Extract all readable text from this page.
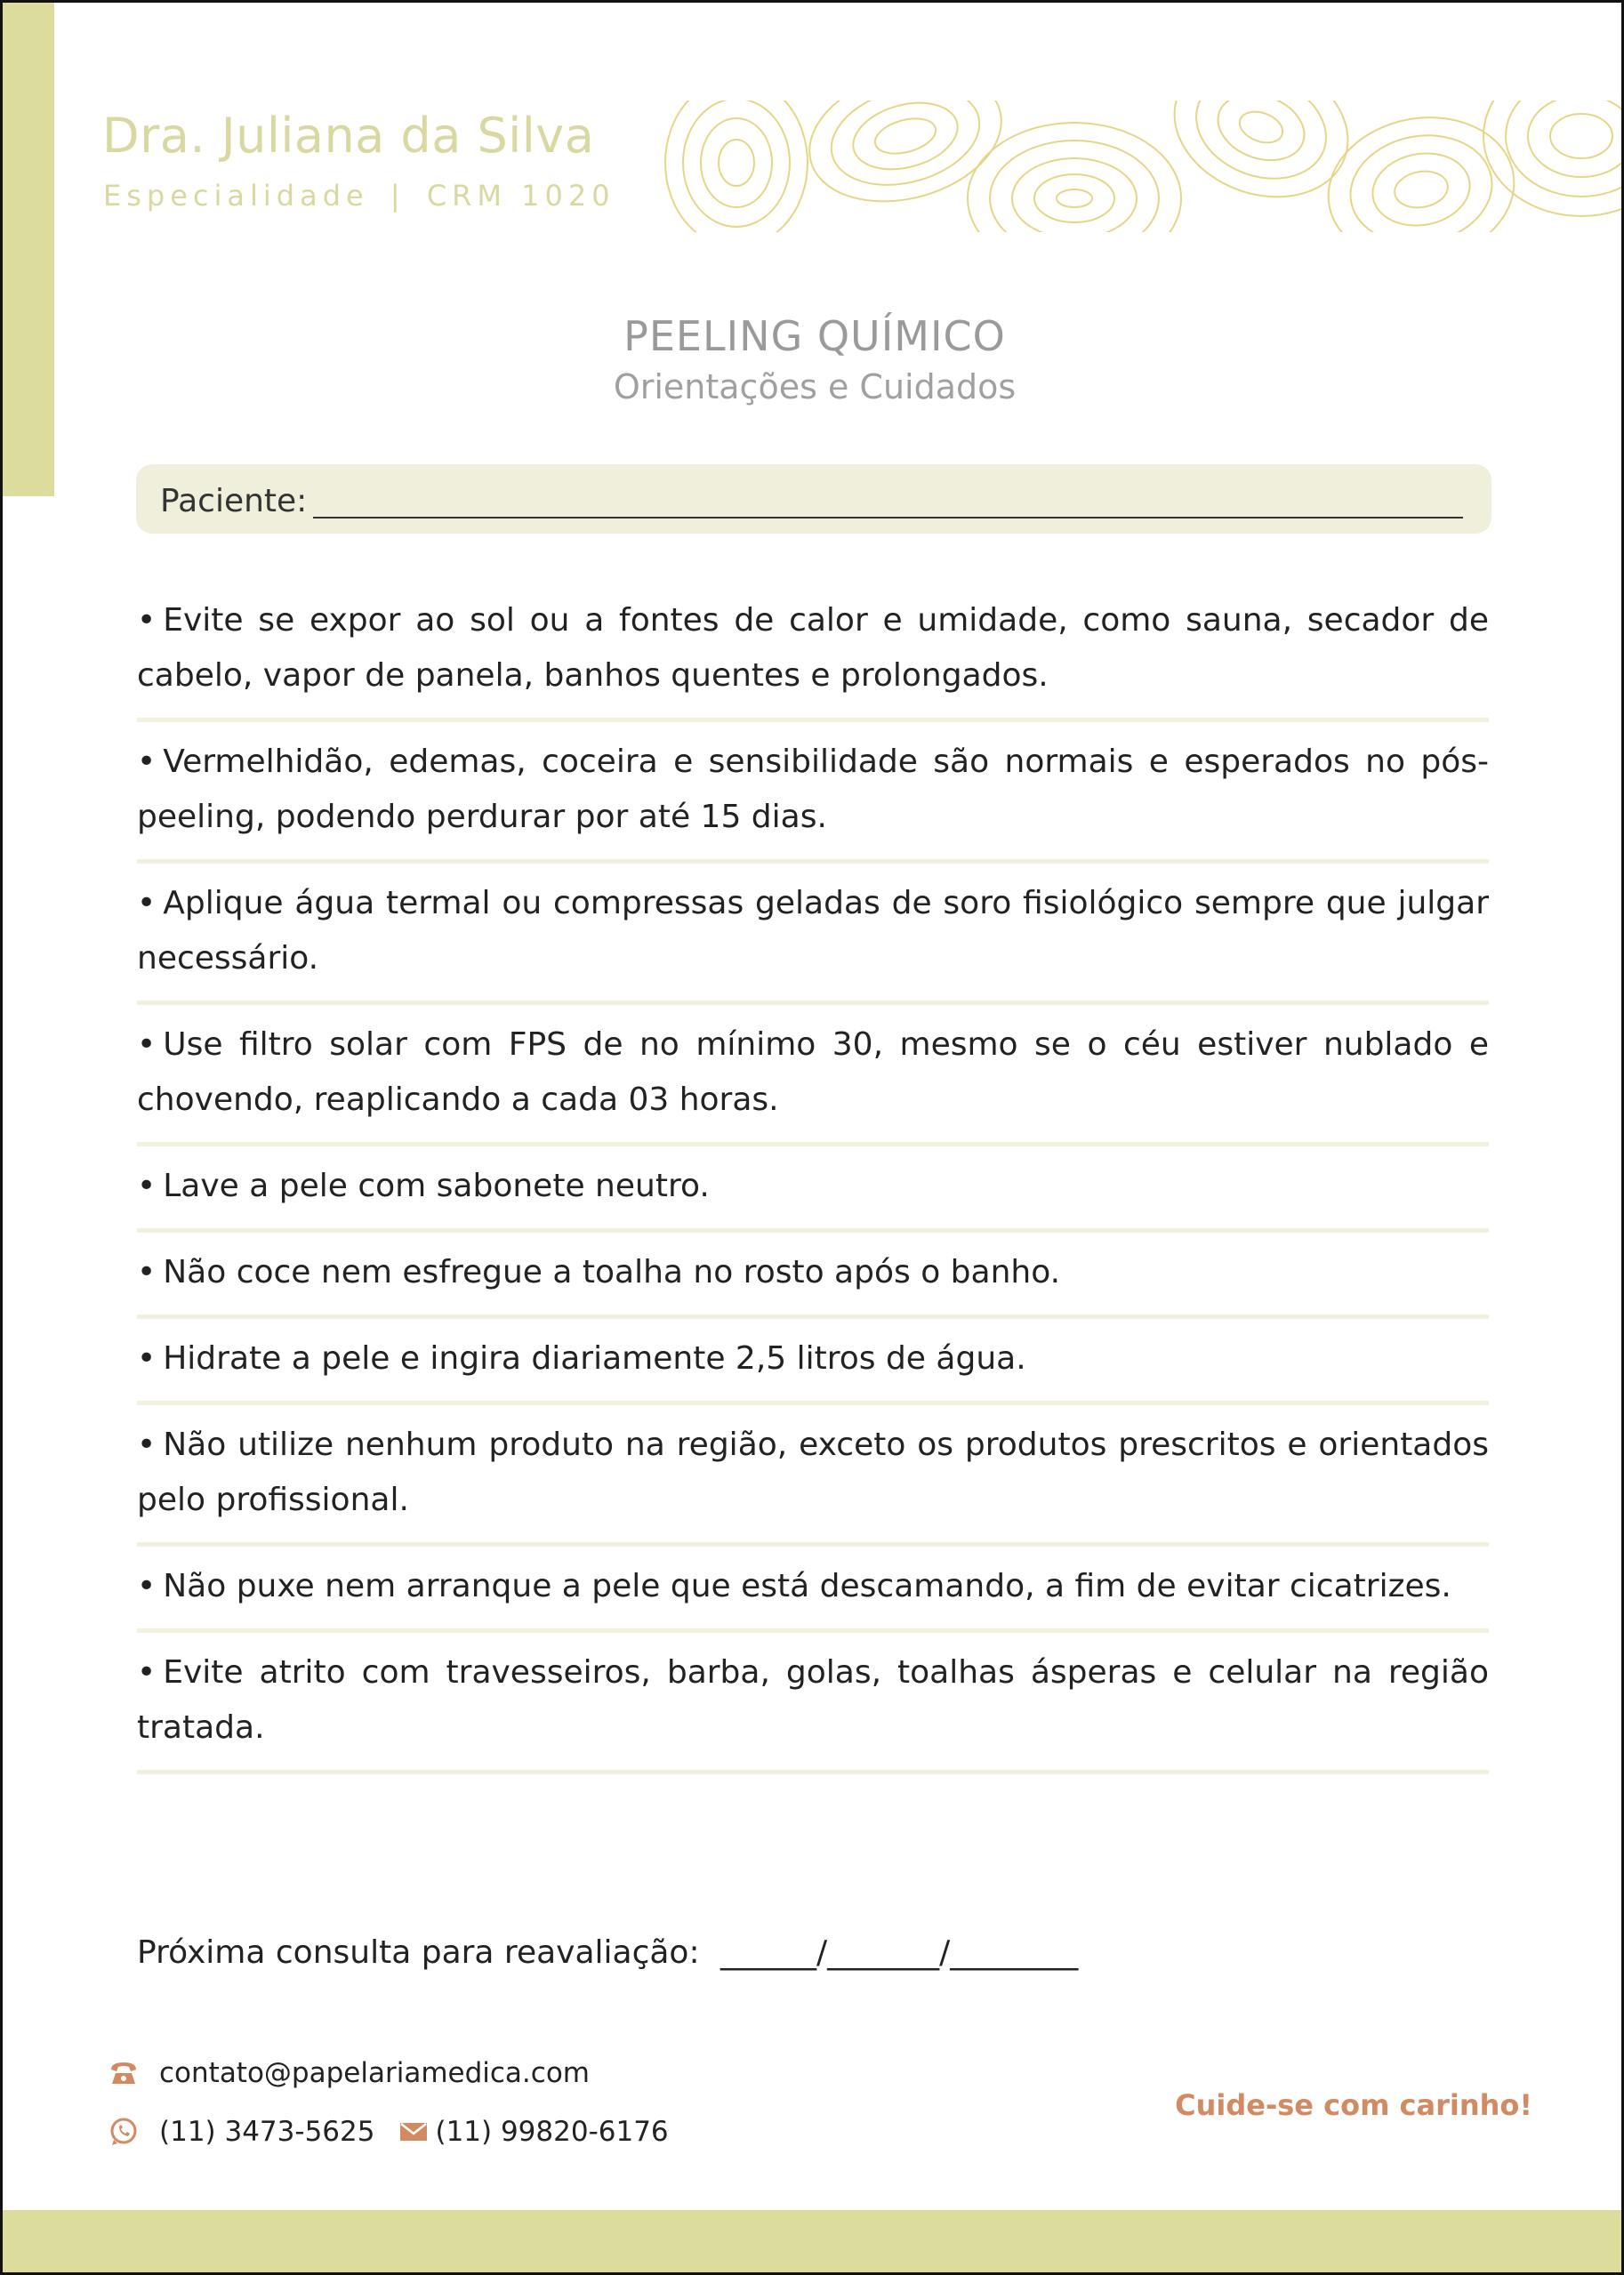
Dra. Juliana da Silva
Especialidade | CRM 1020
PEELING QUÍMICO
Orientações e Cuidados
Paciente:
• Evite se expor ao sol ou a fontes de calor e umidade, como sauna, secador de cabelo, vapor de panela, banhos quentes e prolongados.
• Vermelhidão, edemas, coceira e sensibilidade são normais e esperados no pós-peeling, podendo perdurar por até 15 dias.
• Aplique água termal ou compressas geladas de soro fisiológico sempre que julgar necessário.
• Use filtro solar com FPS de no mínimo 30, mesmo se o céu estiver nublado e chovendo, reaplicando a cada 03 horas.
• Lave a pele com sabonete neutro.
• Não coce nem esfregue a toalha no rosto após o banho.
• Hidrate a pele e ingira diariamente 2,5 litros de água.
• Não utilize nenhum produto na região, exceto os produtos prescritos e orientados pelo profissional.
• Não puxe nem arranque a pele que está descamando, a fim de evitar cicatrizes.
• Evite atrito com travesseiros, barba, golas, toalhas ásperas e celular na região tratada.
Próxima consulta para reavaliação: ______/_______/________
contato@papelariamedica.com
(11) 3473-5625 (11) 99820-6176
Cuide-se com carinho!
